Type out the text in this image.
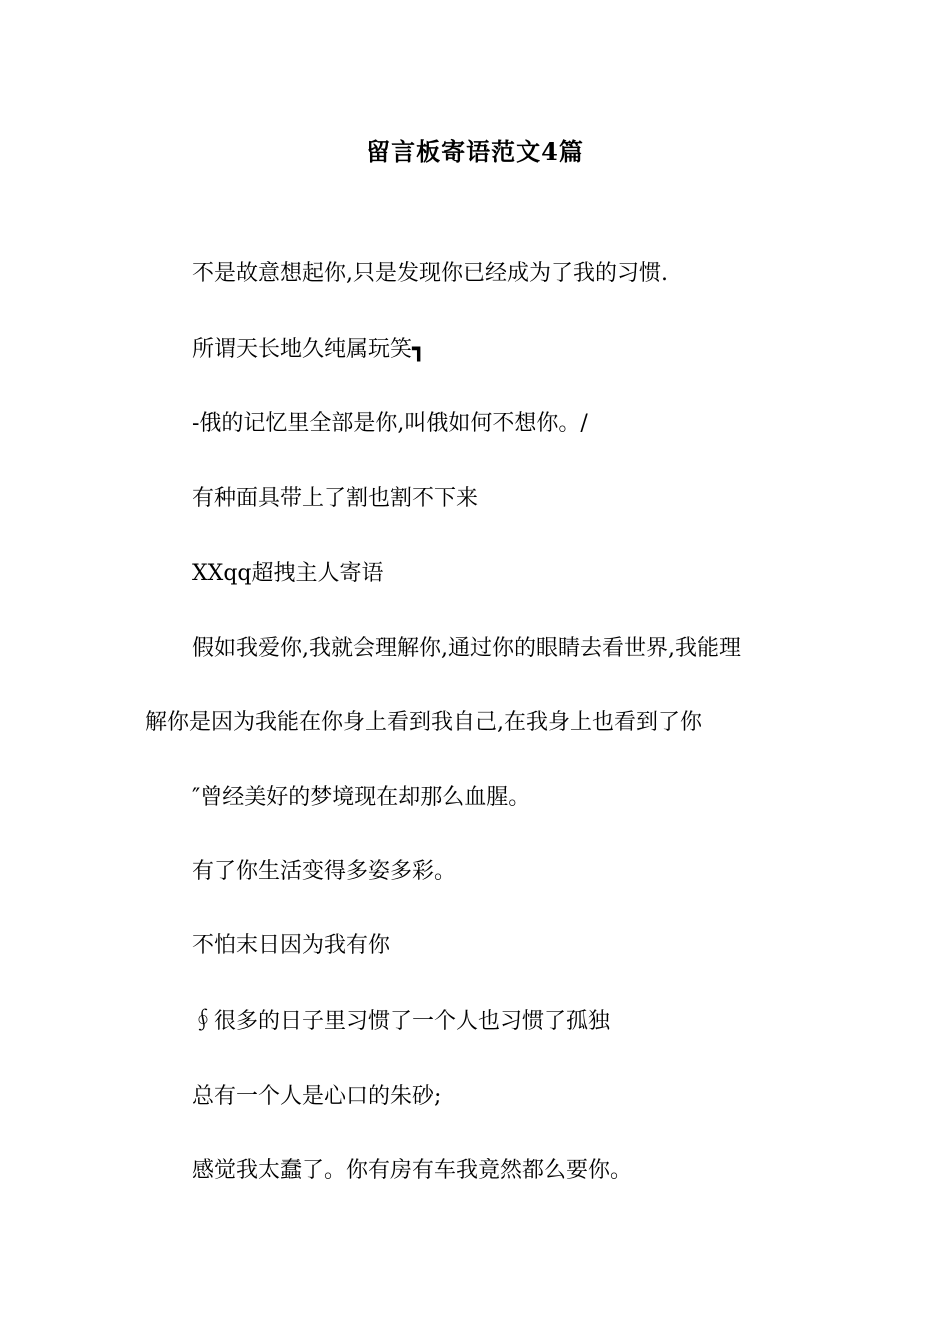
留言板寄语范文4篇
不是故意想起你,只是发现你已经成为了我的习惯.
所谓天长地久纯属玩笑┓
-俄的记忆里全部是你,叫俄如何不想你。/
有种面具带上了割也割不下来
XXqq超拽主人寄语
假如我爱你,我就会理解你,通过你的眼睛去看世界,我能理
解你是因为我能在你身上看到我自己,在我身上也看到了你
″曾经美好的梦境现在却那么血腥。
有了你生活变得多姿多彩。
不怕末日因为我有你
∮很多的日子里习惯了一个人也习惯了孤独
总有一个人是心口的朱砂;
感觉我太蠢了。你有房有车我竟然都么要你。
